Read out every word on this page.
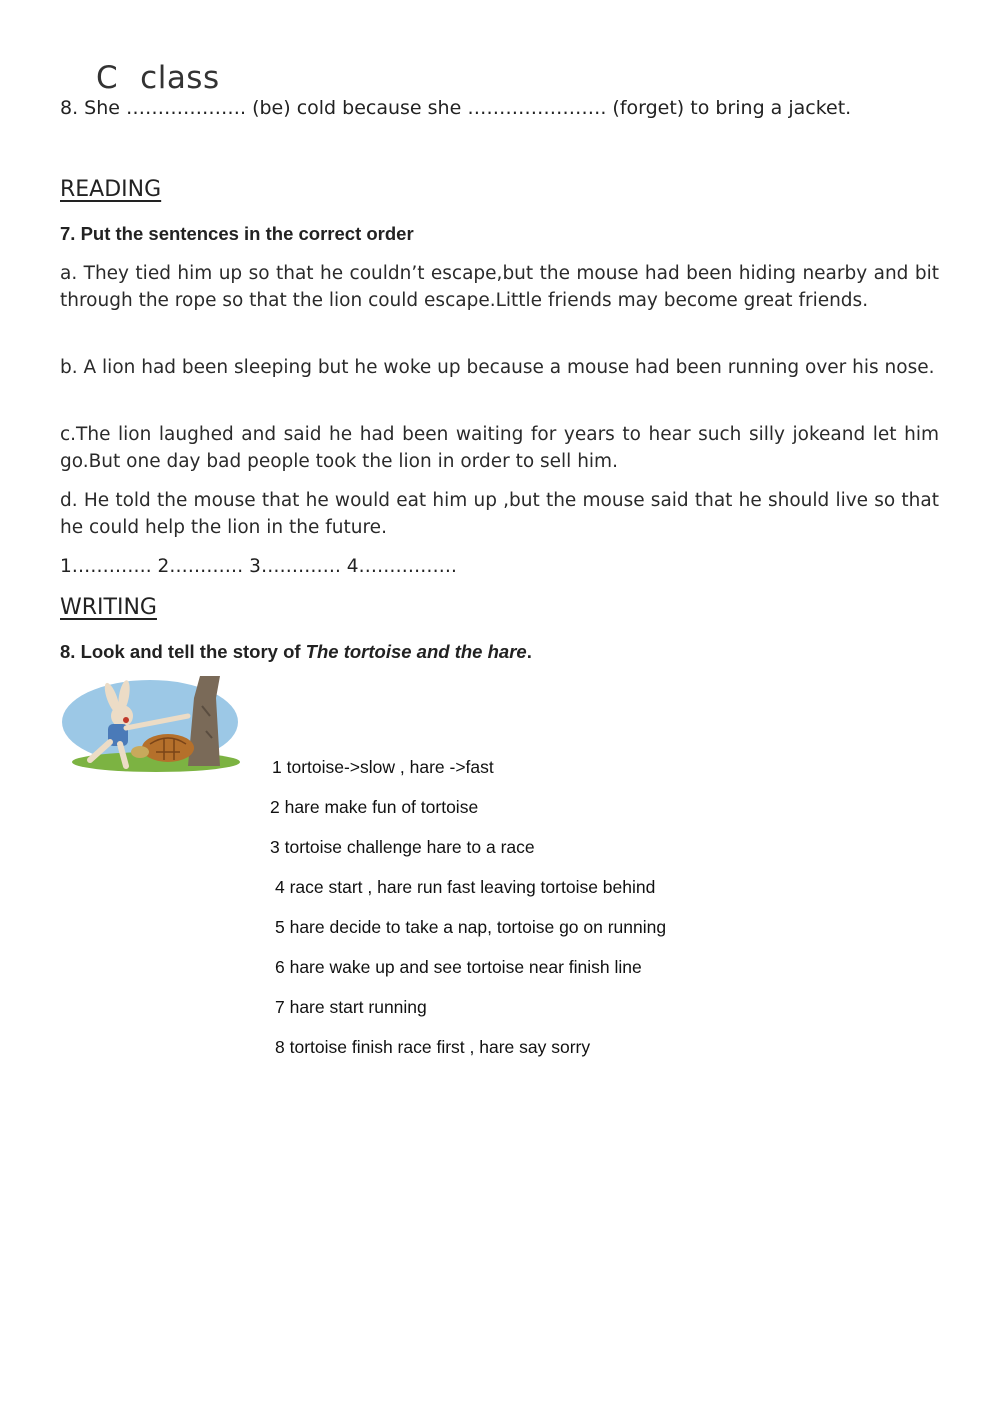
C class
8. She ………………. (be) cold because she …………………. (forget) to bring a jacket.
READING
7. Put the sentences in the correct order
a. They tied him up so that he couldn’t escape,but the mouse had been hiding nearby and bit through the rope so that the lion could escape.Little friends may become great friends.
b. A lion had been sleeping but he woke up because a mouse had been running over his nose.
c.The lion laughed and said he had been waiting for years to hear such silly jokeand let him go.But one day bad people took the lion in order to sell him.
d. He told the mouse that he would eat him up ,but the mouse said that he should live so that he could help the lion in the future.
1…………. 2………… 3…………. 4…………….
WRITING
8. Look and tell the story of The tortoise and the hare.
1 tortoise->slow , hare ->fast
2 hare make fun of tortoise
3 tortoise challenge hare to a race
4 race start , hare run fast leaving tortoise behind
5 hare decide to take a nap, tortoise go on running
6 hare wake up and see tortoise near finish line
7 hare start running
8 tortoise finish race first , hare say sorry
